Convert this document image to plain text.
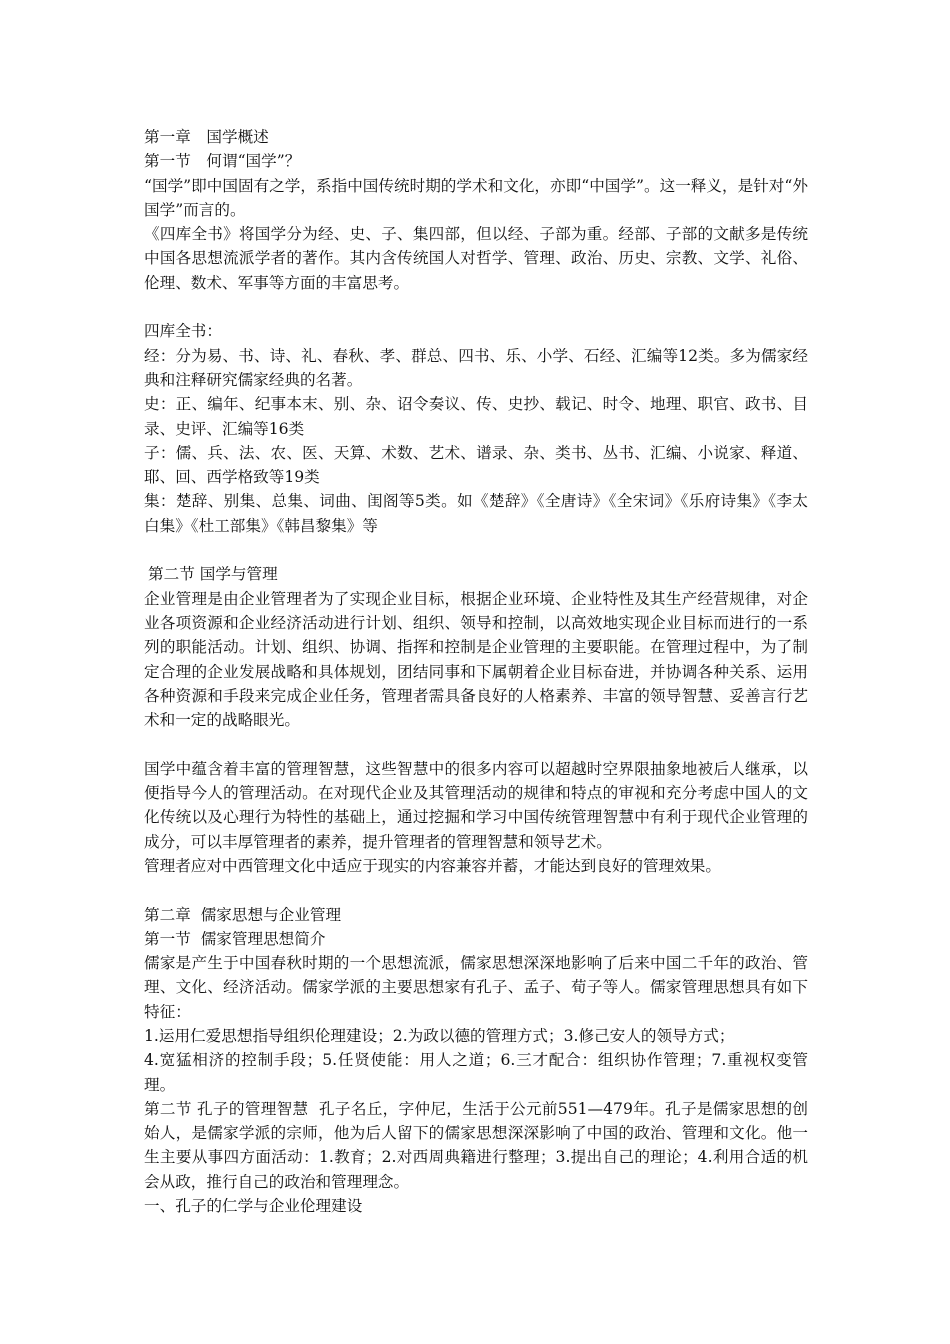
第一章　国学概述
第一节　何谓“国学”？
“国学”即中国固有之学，系指中国传统时期的学术和文化，亦即“中国学”。这一释义，是针对“外国学”而言的。
《四库全书》将国学分为经、史、子、集四部，但以经、子部为重。经部、子部的文献多是传统中国各思想流派学者的著作。其内含传统国人对哲学、管理、政治、历史、宗教、文学、礼俗、伦理、数术、军事等方面的丰富思考。
四库全书：
经：分为易、书、诗、礼、春秋、孝、群总、四书、乐、小学、石经、汇编等12类。多为儒家经典和注释研究儒家经典的名著。
史：正、编年、纪事本末、别、杂、诏令奏议、传、史抄、载记、时令、地理、职官、政书、目录、史评、汇编等16类
子：儒、兵、法、农、医、天算、术数、艺术、谱录、杂、类书、丛书、汇编、小说家、释道、耶、回、西学格致等19类
集：楚辞、别集、总集、词曲、闺阁等5类。如《楚辞》《全唐诗》《全宋词》《乐府诗集》《李太白集》《杜工部集》《韩昌黎集》等
第二节 国学与管理
企业管理是由企业管理者为了实现企业目标，根据企业环境、企业特性及其生产经营规律，对企业各项资源和企业经济活动进行计划、组织、领导和控制，以高效地实现企业目标而进行的一系列的职能活动。计划、组织、协调、指挥和控制是企业管理的主要职能。在管理过程中，为了制定合理的企业发展战略和具体规划，团结同事和下属朝着企业目标奋进，并协调各种关系、运用各种资源和手段来完成企业任务，管理者需具备良好的人格素养、丰富的领导智慧、妥善言行艺术和一定的战略眼光。
国学中蕴含着丰富的管理智慧，这些智慧中的很多内容可以超越时空界限抽象地被后人继承，以便指导今人的管理活动。在对现代企业及其管理活动的规律和特点的审视和充分考虑中国人的文化传统以及心理行为特性的基础上，通过挖掘和学习中国传统管理智慧中有利于现代企业管理的成分，可以丰厚管理者的素养，提升管理者的管理智慧和领导艺术。
管理者应对中西管理文化中适应于现实的内容兼容并蓄，才能达到良好的管理效果。
第二章  儒家思想与企业管理
第一节  儒家管理思想简介
儒家是产生于中国春秋时期的一个思想流派，儒家思想深深地影响了后来中国二千年的政治、管理、文化、经济活动。儒家学派的主要思想家有孔子、孟子、荀子等人。儒家管理思想具有如下特征：
1.运用仁爱思想指导组织伦理建设；2.为政以德的管理方式；3.修己安人的领导方式；
4.宽猛相济的控制手段；5.任贤使能：用人之道；6.三才配合：组织协作管理；7.重视权变管理。
第二节 孔子的管理智慧  孔子名丘，字仲尼，生活于公元前551—479年。孔子是儒家思想的创始人，是儒家学派的宗师，他为后人留下的儒家思想深深影响了中国的政治、管理和文化。他一生主要从事四方面活动：1.教育；2.对西周典籍进行整理；3.提出自己的理论；4.利用合适的机会从政，推行自己的政治和管理理念。
一、孔子的仁学与企业伦理建设
